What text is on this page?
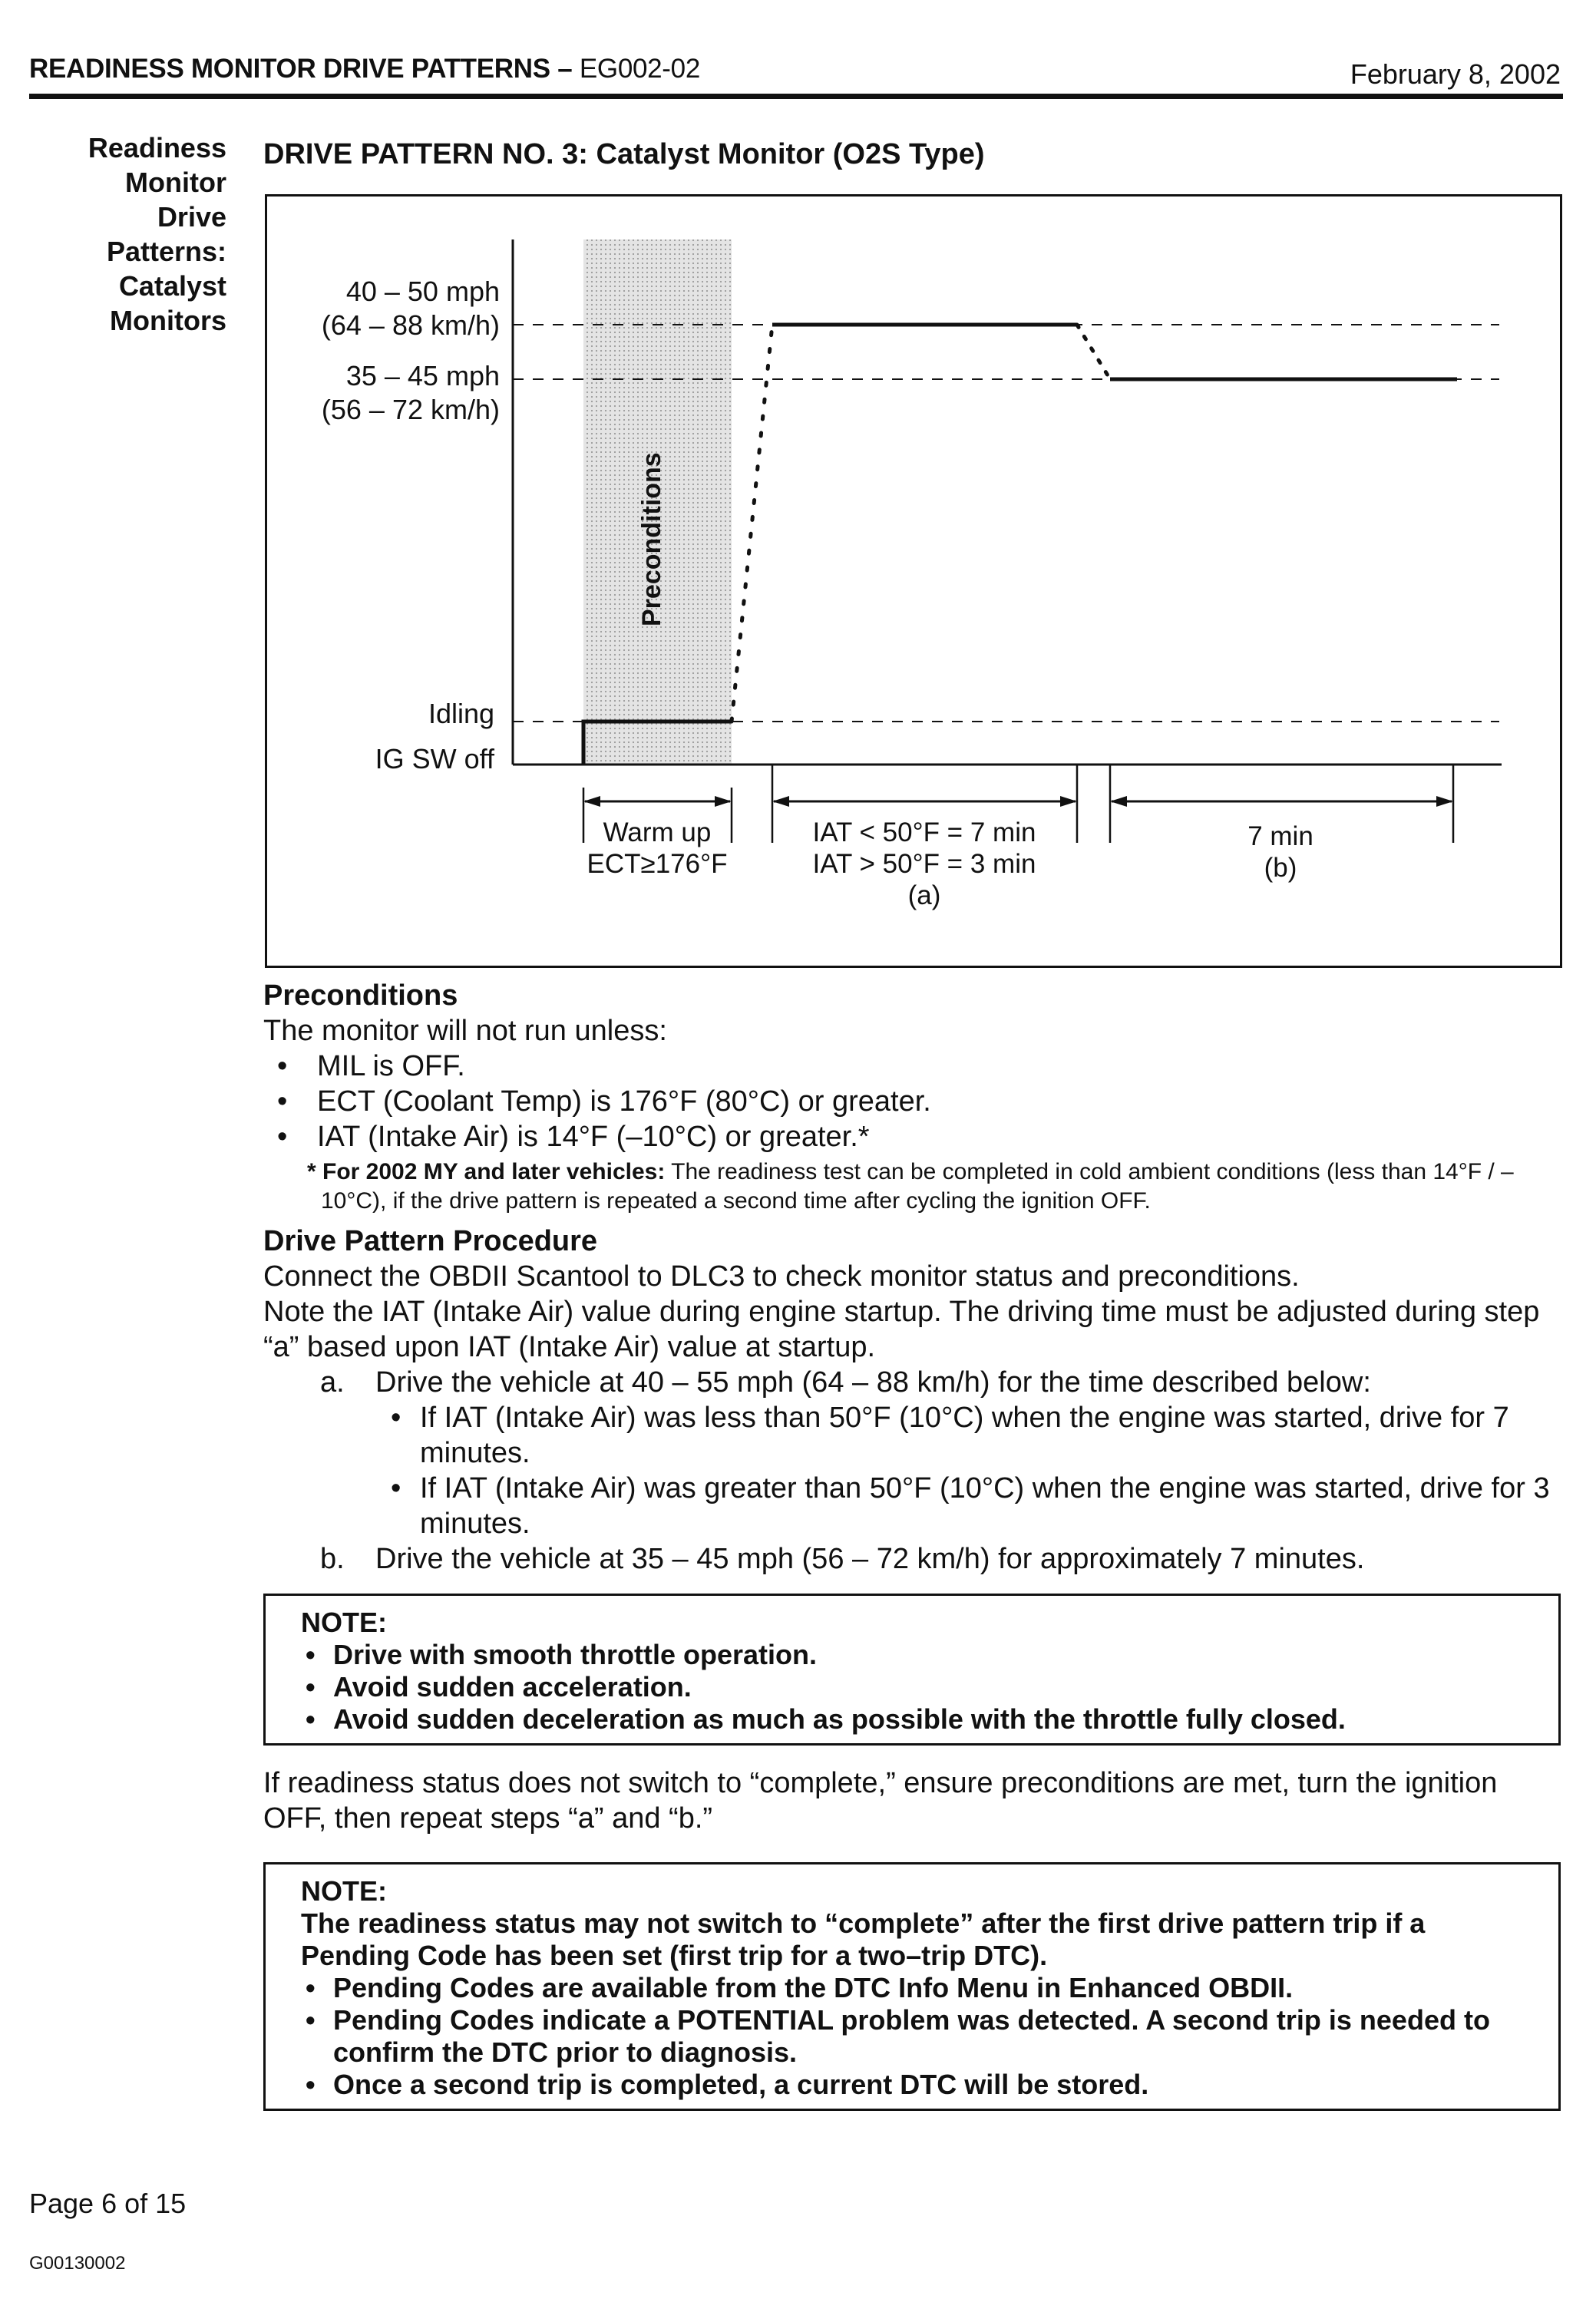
READINESS MONITOR DRIVE PATTERNS – EG002-02	February 8, 2002
Readiness
Monitor
Drive
Patterns:
Catalyst
Monitors
DRIVE PATTERN NO. 3: Catalyst Monitor (O2S Type)
Preconditions
40 – 50 mph
(64 – 88 km/h)
35 – 45 mph
(56 – 72 km/h)
Idling
IG SW off
Warm up
ECT≥176°F
IAT < 50°F = 7 min
IAT > 50°F = 3 min
(a)
7 min
(b)
Preconditions
The monitor will not run unless:
• MIL is OFF.
• ECT (Coolant Temp) is 176°F (80°C) or greater.
• IAT (Intake Air) is 14°F (–10°C) or greater.*
* For 2002 MY and later vehicles: The readiness test can be completed in cold ambient conditions (less than 14°F / –10°C), if the drive pattern is repeated a second time after cycling the ignition OFF.
Drive Pattern Procedure
Connect the OBDII Scantool to DLC3 to check monitor status and preconditions.
Note the IAT (Intake Air) value during engine startup. The driving time must be adjusted during step “a” based upon IAT (Intake Air) value at startup.
a.	Drive the vehicle at 40 – 55 mph (64 – 88 km/h) for the time described below:
• If IAT (Intake Air) was less than 50°F (10°C) when the engine was started, drive for 7 minutes.
• If IAT (Intake Air) was greater than 50°F (10°C) when the engine was started, drive for 3 minutes.
b.	Drive the vehicle at 35 – 45 mph (56 – 72 km/h) for approximately 7 minutes.
NOTE:
• Drive with smooth throttle operation.
• Avoid sudden acceleration.
• Avoid sudden deceleration as much as possible with the throttle fully closed.
If readiness status does not switch to “complete,” ensure preconditions are met, turn the ignition OFF, then repeat steps “a” and “b.”
NOTE:
The readiness status may not switch to “complete” after the first drive pattern trip if a Pending Code has been set (first trip for a two–trip DTC).
• Pending Codes are available from the DTC Info Menu in Enhanced OBDII.
• Pending Codes indicate a POTENTIAL problem was detected. A second trip is needed to confirm the DTC prior to diagnosis.
• Once a second trip is completed, a current DTC will be stored.
Page 6 of 15
G00130002
